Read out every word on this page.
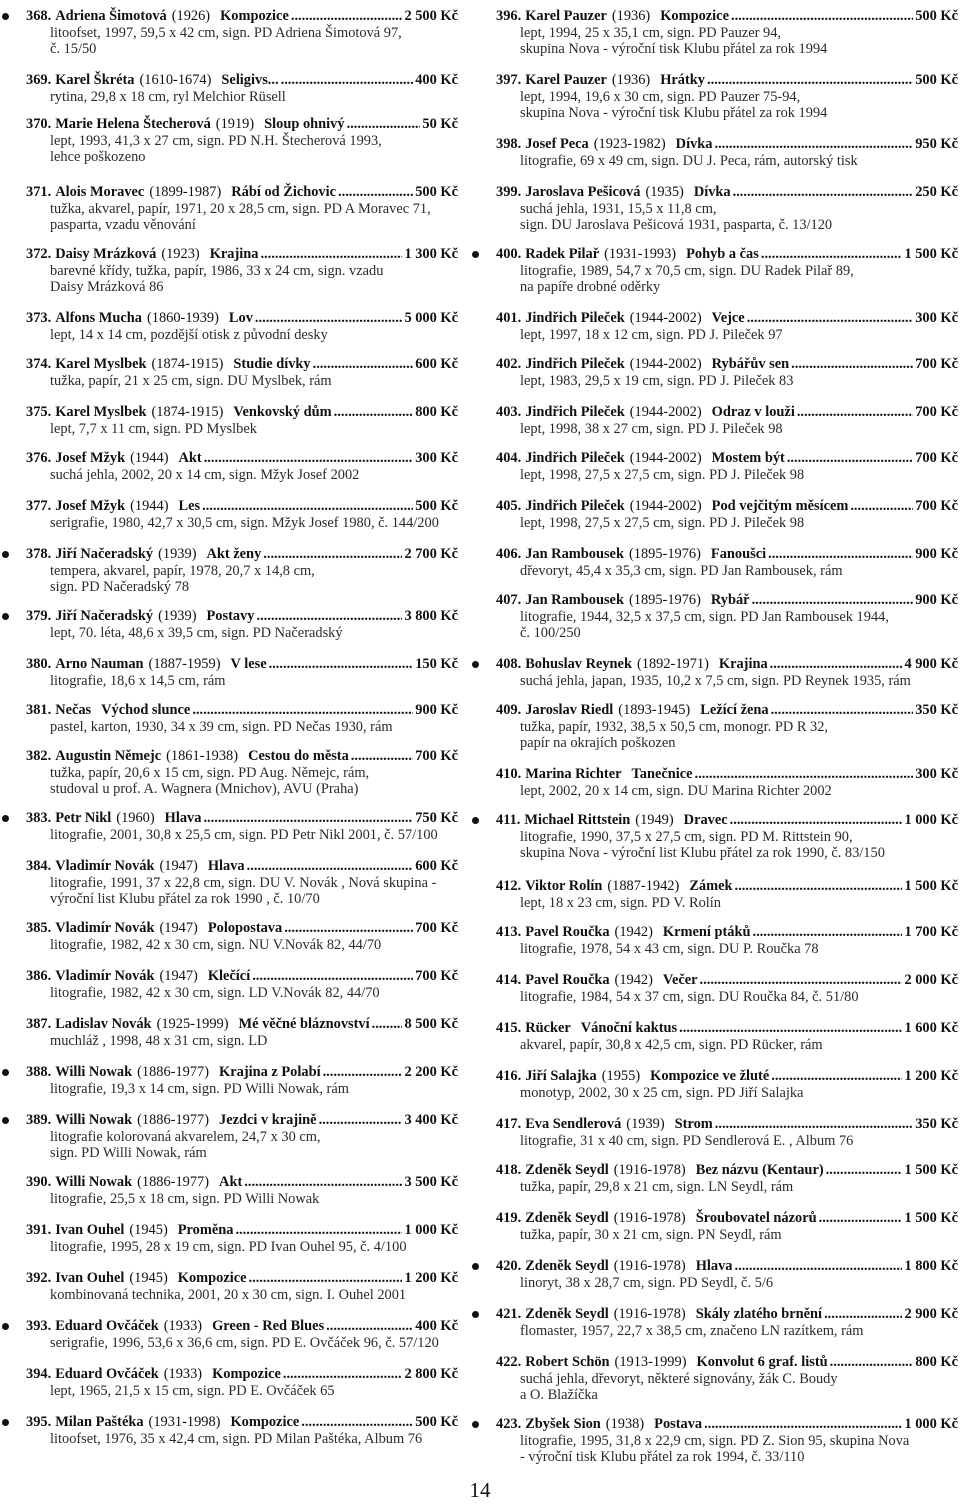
368. Adriena Šimotová (1926) Kompozice .....	2 500 Kč
litoofset, 1997, 59,5 x 42 cm, sign. PD Adriena Šimotová 97,
č. 15/50
369. Karel Škréta (1610-1674) Seligivs... .....	400 Kč
rytina, 29,8 x 18 cm, ryl Melchior Rüsell
370. Marie Helena Štecherová (1919) Sloup ohnivý .....	50 Kč
lept, 1993, 41,3 x 27 cm, sign. PD N.H. Štecherová 1993,
lehce poškozeno
371. Alois Moravec (1899-1987) Rábí od Žichovic .....	500 Kč
tužka, akvarel, papír, 1971, 20 x 28,5 cm, sign. PD A Moravec 71,
pasparta, vzadu věnování
372. Daisy Mrázková (1923) Krajina .....	1 300 Kč
barevné křídy, tužka, papír, 1986, 33 x 24 cm, sign. vzadu
Daisy Mrázková 86
373. Alfons Mucha (1860-1939) Lov .....	5 000 Kč
lept, 14 x 14 cm, pozdější otisk z původní desky
374. Karel Myslbek (1874-1915) Studie dívky .....	600 Kč
tužka, papír, 21 x 25 cm, sign. DU Myslbek, rám
375. Karel Myslbek (1874-1915) Venkovský dům .....	800 Kč
lept, 7,7 x 11 cm, sign. PD Myslbek
376. Josef Mžyk (1944) Akt .....	300 Kč
suchá jehla, 2002, 20 x 14 cm, sign. Mžyk Josef 2002
377. Josef Mžyk (1944) Les .....	500 Kč
serigrafie, 1980, 42,7 x 30,5 cm, sign. Mžyk Josef 1980, č. 144/200
378. Jiří Načeradský (1939) Akt ženy .....	2 700 Kč
tempera, akvarel, papír, 1978, 20,7 x 14,8 cm,
sign. PD Načeradský 78
379. Jiří Načeradský (1939) Postavy .....	3 800 Kč
lept, 70. léta, 48,6 x 39,5 cm, sign. PD Načeradský
380. Arno Nauman (1887-1959) V lese .....	150 Kč
litografie, 18,6 x 14,5 cm, rám
381. Nečas Východ slunce .....	900 Kč
pastel, karton, 1930, 34 x 39 cm, sign. PD Nečas 1930, rám
382. Augustin Němejc (1861-1938) Cestou do města .....	700 Kč
tužka, papír, 20,6 x 15 cm, sign. PD Aug. Němejc, rám,
studoval u prof. A. Wagnera (Mnichov), AVU (Praha)
383. Petr Nikl (1960) Hlava .....	750 Kč
litografie, 2001, 30,8 x 25,5 cm, sign. PD Petr Nikl 2001, č. 57/100
384. Vladimír Novák (1947) Hlava .....	600 Kč
litografie, 1991, 37 x 22,8 cm, sign. DU V. Novák , Nová skupina -
výroční list Klubu přátel za rok 1990 , č. 10/70
385. Vladimír Novák (1947) Polopostava .....	700 Kč
litografie, 1982, 42 x 30 cm, sign. NU V.Novák 82, 44/70
386. Vladimír Novák (1947) Klečící .....	700 Kč
litografie, 1982, 42 x 30 cm, sign. LD V.Novák 82, 44/70
387. Ladislav Novák (1925-1999) Mé věčné bláznovství ..... 8 500 Kč
muchláž , 1998, 48 x 31 cm, sign. LD
388. Willi Nowak (1886-1977) Krajina z Polabí .....	2 200 Kč
litografie, 19,3 x 14 cm, sign. PD Willi Nowak, rám
389. Willi Nowak (1886-1977) Jezdci v krajině .....	3 400 Kč
litografie kolorovaná akvarelem, 24,7 x 30 cm,
sign. PD Willi Nowak, rám
390. Willi Nowak (1886-1977) Akt .....	3 500 Kč
litografie, 25,5 x 18 cm, sign. PD Willi Nowak
391. Ivan Ouhel (1945) Proměna .....	1 000 Kč
litografie, 1995, 28 x 19 cm, sign. PD Ivan Ouhel 95, č. 4/100
392. Ivan Ouhel (1945) Kompozice .....	1 200 Kč
kombinovaná technika, 2001, 20 x 30 cm, sign. I. Ouhel 2001
393. Eduard Ovčáček (1933) Green - Red Blues .....	400 Kč
serigrafie, 1996, 53,6 x 36,6 cm, sign. PD E. Ovčáček 96, č. 57/120
394. Eduard Ovčáček (1933) Kompozice .....	2 800 Kč
lept, 1965, 21,5 x 15 cm, sign. PD E. Ovčáček 65
395. Milan Paštéka (1931-1998) Kompozice .....	500 Kč
litoofset, 1976, 35 x 42,4 cm, sign. PD Milan Paštéka, Album 76
396. Karel Pauzer (1936) Kompozice .....	500 Kč
lept, 1994, 25 x 35,1 cm, sign. PD Pauzer 94,
skupina Nova - výroční tisk Klubu přátel za rok 1994
397. Karel Pauzer (1936) Hrátky .....	500 Kč
lept, 1994, 19,6 x 30 cm, sign. PD Pauzer 75-94,
skupina Nova - výroční tisk Klubu přátel za rok 1994
398. Josef Peca (1923-1982) Dívka .....	950 Kč
litografie, 69 x 49 cm, sign. DU J. Peca, rám, autorský tisk
399. Jaroslava Pešicová (1935) Dívka .....	250 Kč
suchá jehla, 1931, 15,5 x 11,8 cm,
sign. DU Jaroslava Pešicová 1931, pasparta, č. 13/120
400. Radek Pilař (1931-1993) Pohyb a čas .....	1 500 Kč
litografie, 1989, 54,7 x 70,5 cm, sign. DU Radek Pilař 89,
na papíře drobné oděrky
401. Jindřich Pileček (1944-2002) Vejce .....	300 Kč
lept, 1997, 18 x 12 cm, sign. PD J. Pileček 97
402. Jindřich Pileček (1944-2002) Rybářův sen .....	700 Kč
lept, 1983, 29,5 x 19 cm, sign. PD J. Pileček 83
403. Jindřich Pileček (1944-2002) Odraz v louži .....	700 Kč
lept, 1998, 38 x 27 cm, sign. PD J. Pileček 98
404. Jindřich Pileček (1944-2002) Mostem být .....	700 Kč
lept, 1998, 27,5 x 27,5 cm, sign. PD J. Pileček 98
405. Jindřich Pileček (1944-2002) Pod vejčitým měsícem .....	700 Kč
lept, 1998, 27,5 x 27,5 cm, sign. PD J. Pileček 98
406. Jan Rambousek (1895-1976) Fanoušci .....	900 Kč
dřevoryt, 45,4 x 35,3 cm, sign. PD Jan Rambousek, rám
407. Jan Rambousek (1895-1976) Rybář .....	900 Kč
litografie, 1944, 32,5 x 37,5 cm, sign. PD Jan Rambousek 1944,
č. 100/250
408. Bohuslav Reynek (1892-1971) Krajina .....	4 900 Kč
suchá jehla, japan, 1935, 10,2 x 7,5 cm, sign. PD Reynek 1935, rám
409. Jaroslav Riedl (1893-1945) Ležící žena .....	350 Kč
tužka, papír, 1932, 38,5 x 50,5 cm, monogr. PD R 32,
papír na okrajích poškozen
410. Marina Richter Tanečnice .....	300 Kč
lept, 2002, 20 x 14 cm, sign. DU Marina Richter 2002
411. Michael Rittstein (1949) Dravec .....	1 000 Kč
litografie, 1990, 37,5 x 27,5 cm, sign. PD M. Rittstein 90,
skupina Nova - výroční list Klubu přátel za rok 1990, č. 83/150
412. Viktor Rolín (1887-1942) Zámek .....	1 500 Kč
lept, 18 x 23 cm, sign. PD V. Rolín
413. Pavel Roučka (1942) Krmení ptáků .....	1 700 Kč
litografie, 1978, 54 x 43 cm, sign. DU P. Roučka 78
414. Pavel Roučka (1942) Večer .....	2 000 Kč
litografie, 1984, 54 x 37 cm, sign. DU Roučka 84, č. 51/80
415. Rücker Vánoční kaktus .....	1 600 Kč
akvarel, papír, 30,8 x 42,5 cm, sign. PD Rücker, rám
416. Jiří Salajka (1955) Kompozice ve žluté .....	1 200 Kč
monotyp, 2002, 30 x 25 cm, sign. PD Jiří Salajka
417. Eva Sendlerová (1939) Strom .....	350 Kč
litografie, 31 x 40 cm, sign. PD Sendlerová E. , Album 76
418. Zdeněk Seydl (1916-1978) Bez názvu (Kentaur) .....	1 500 Kč
tužka, papír, 29,8 x 21 cm, sign. LN Seydl, rám
419. Zdeněk Seydl (1916-1978) Šroubovatel názorů .....	1 500 Kč
tužka, papír, 30 x 21 cm, sign. PN Seydl, rám
420. Zdeněk Seydl (1916-1978) Hlava .....	1 800 Kč
linoryt, 38 x 28,7 cm, sign. PD Seydl, č. 5/6
421. Zdeněk Seydl (1916-1978) Skály zlatého brnění .....	2 900 Kč
flomaster, 1957, 22,7 x 38,5 cm, značeno LN razítkem, rám
422. Robert Schön (1913-1999) Konvolut 6 graf. listů .....	800 Kč
suchá jehla, dřevoryt, některé signovány, žák C. Boudy
a O. Blažíčka
423. Zbyšek Sion (1938) Postava .....	1 000 Kč
litografie, 1995, 31,8 x 22,9 cm, sign. PD Z. Sion 95, skupina Nova
- výroční tisk Klubu přátel za rok 1994, č. 33/110
14
